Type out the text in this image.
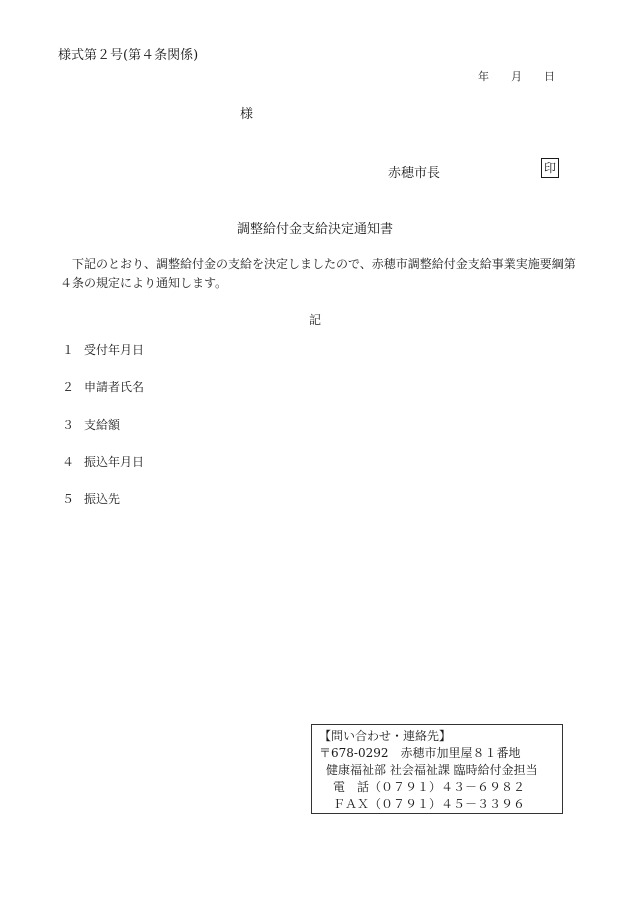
様式第２号(第４条関係)
年 月 日
様
赤穂市長	印
調整給付金支給決定通知書

下記のとおり、調整給付金の支給を決定しましたので、赤穂市調整給付金支給事業実施要綱第

４条の規定により通知します。

記
１ 受付年月日
２ 申請者氏名
３ 支給額
４ 振込年月日
５ 振込先
【問い合わせ・連絡先】
〒678-0292　赤穂市加里屋８１番地
健康福祉部 社会福祉課 臨時給付金担当
電　話（０７９１）４３－６９８２
ＦＡＸ（０７９１）４５－３３９６
